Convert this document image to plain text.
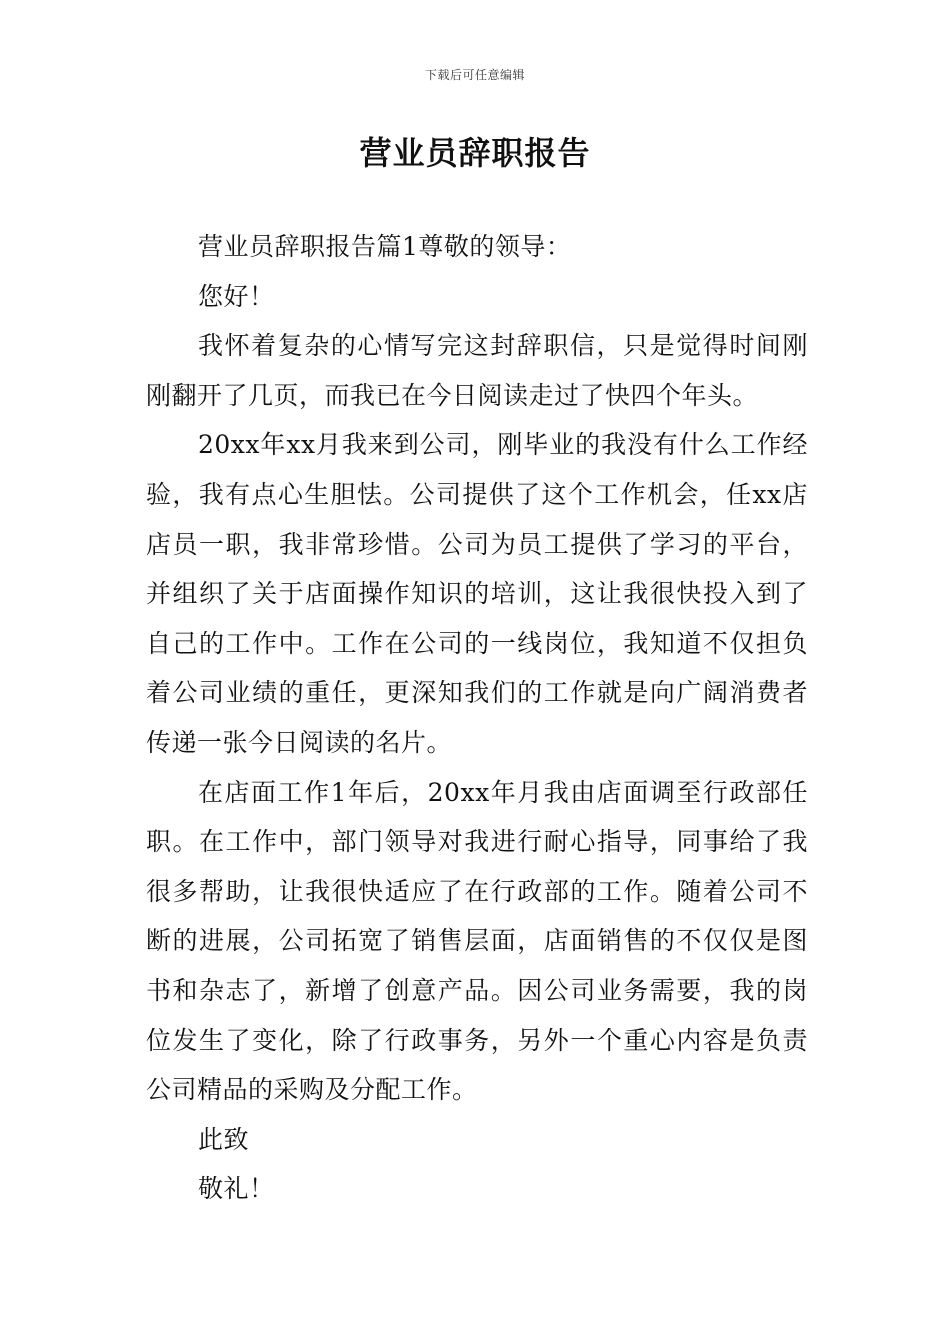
下载后可任意编辑
营业员辞职报告

营业员辞职报告篇1尊敬的领导：

您好！

我怀着复杂的心情写完这封辞职信，只是觉得时间刚刚翻开了几页，而我已在今日阅读走过了快四个年头。

20xx年xx月我来到公司，刚毕业的我没有什么工作经验，我有点心生胆怯。公司提供了这个工作机会，任xx店店员一职，我非常珍惜。公司为员工提供了学习的平台，并组织了关于店面操作知识的培训，这让我很快投入到了自己的工作中。工作在公司的一线岗位，我知道不仅担负着公司业绩的重任，更深知我们的工作就是向广阔消费者传递一张今日阅读的名片。

在店面工作1年后，20xx年月我由店面调至行政部任职。在工作中，部门领导对我进行耐心指导，同事给了我很多帮助，让我很快适应了在行政部的工作。随着公司不断的进展，公司拓宽了销售层面，店面销售的不仅仅是图书和杂志了，新增了创意产品。因公司业务需要，我的岗位发生了变化，除了行政事务，另外一个重心内容是负责公司精品的采购及分配工作。

此致

敬礼！
